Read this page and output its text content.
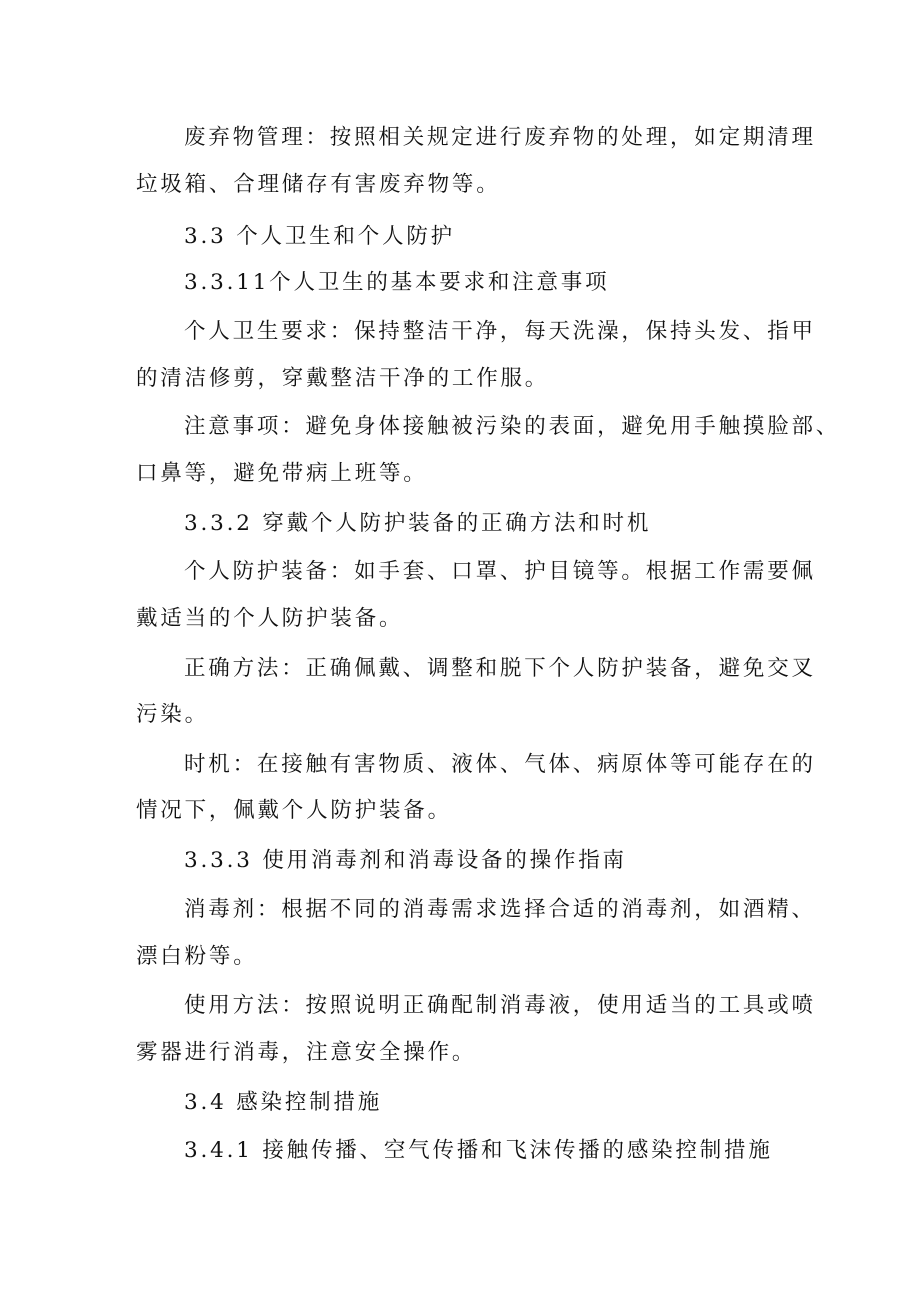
废弃物管理：按照相关规定进行废弃物的处理，如定期清理
垃圾箱、合理储存有害废弃物等。
3.3 个人卫生和个人防护
3.3.11个人卫生的基本要求和注意事项
个人卫生要求：保持整洁干净，每天洗澡，保持头发、指甲
的清洁修剪，穿戴整洁干净的工作服。
注意事项：避免身体接触被污染的表面，避免用手触摸脸部、
口鼻等，避免带病上班等。
3.3.2 穿戴个人防护装备的正确方法和时机
个人防护装备：如手套、口罩、护目镜等。根据工作需要佩
戴适当的个人防护装备。
正确方法：正确佩戴、调整和脱下个人防护装备，避免交叉
污染。
时机：在接触有害物质、液体、气体、病原体等可能存在的
情况下，佩戴个人防护装备。
3.3.3 使用消毒剂和消毒设备的操作指南
消毒剂：根据不同的消毒需求选择合适的消毒剂，如酒精、
漂白粉等。
使用方法：按照说明正确配制消毒液，使用适当的工具或喷
雾器进行消毒，注意安全操作。
3.4 感染控制措施
3.4.1 接触传播、空气传播和飞沫传播的感染控制措施
